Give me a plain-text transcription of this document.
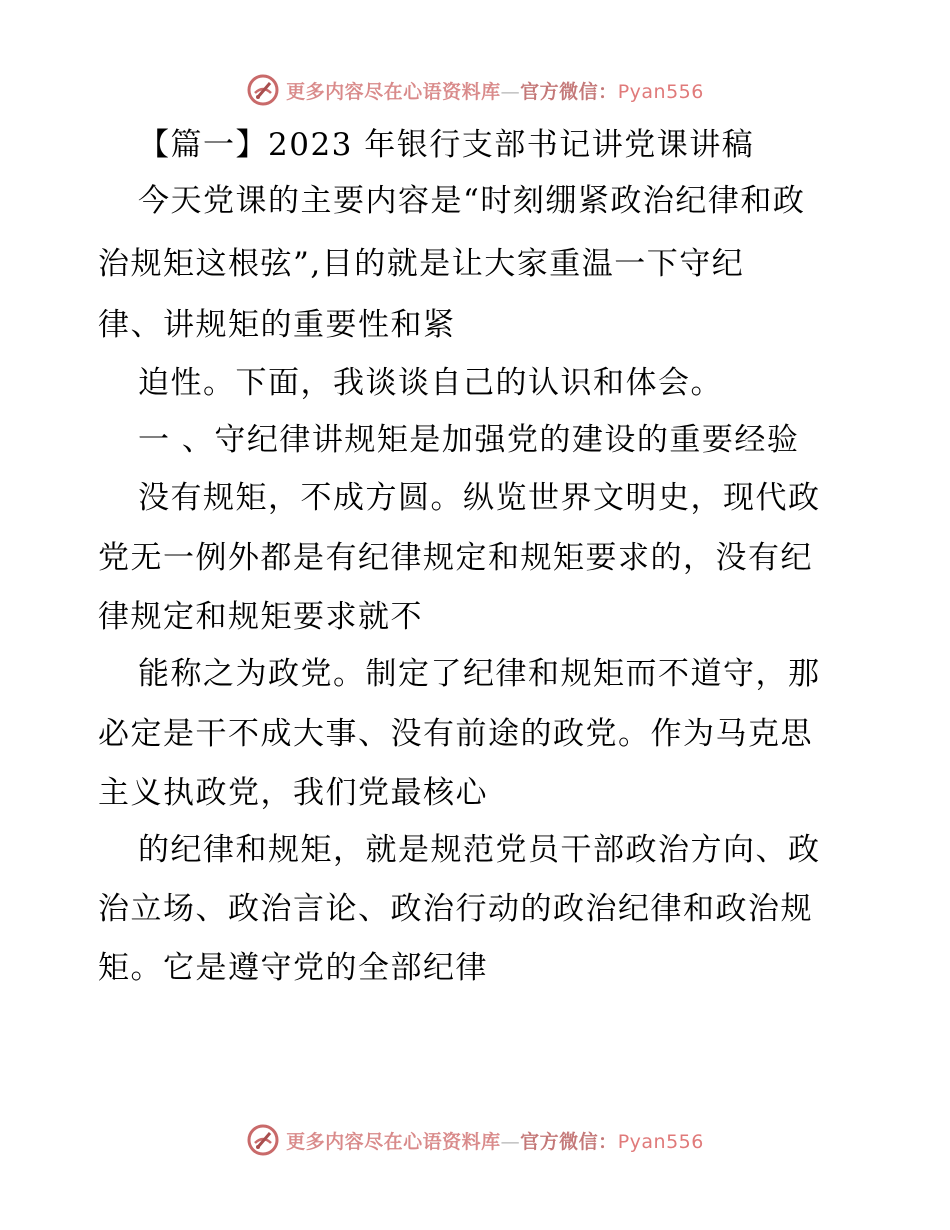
更多内容尽在心语资料库—官方微信：Pyan556
【篇一】2023 年银行支部书记讲党课讲稿
今天党课的主要内容是“时刻绷紧政治纪律和政
治规矩这根弦”,目的就是让大家重温一下守纪
律、讲规矩的重要性和紧
迫性。下面，我谈谈自己的认识和体会。
一 、守纪律讲规矩是加强党的建设的重要经验
没有规矩，不成方圆。纵览世界文明史，现代政
党无一例外都是有纪律规定和规矩要求的，没有纪
律规定和规矩要求就不
能称之为政党。制定了纪律和规矩而不道守，那
必定是干不成大事、没有前途的政党。作为马克思
主义执政党，我们党最核心
的纪律和规矩，就是规范党员干部政治方向、政
治立场、政治言论、政治行动的政治纪律和政治规
矩。它是遵守党的全部纪律
更多内容尽在心语资料库—官方微信：Pyan556
